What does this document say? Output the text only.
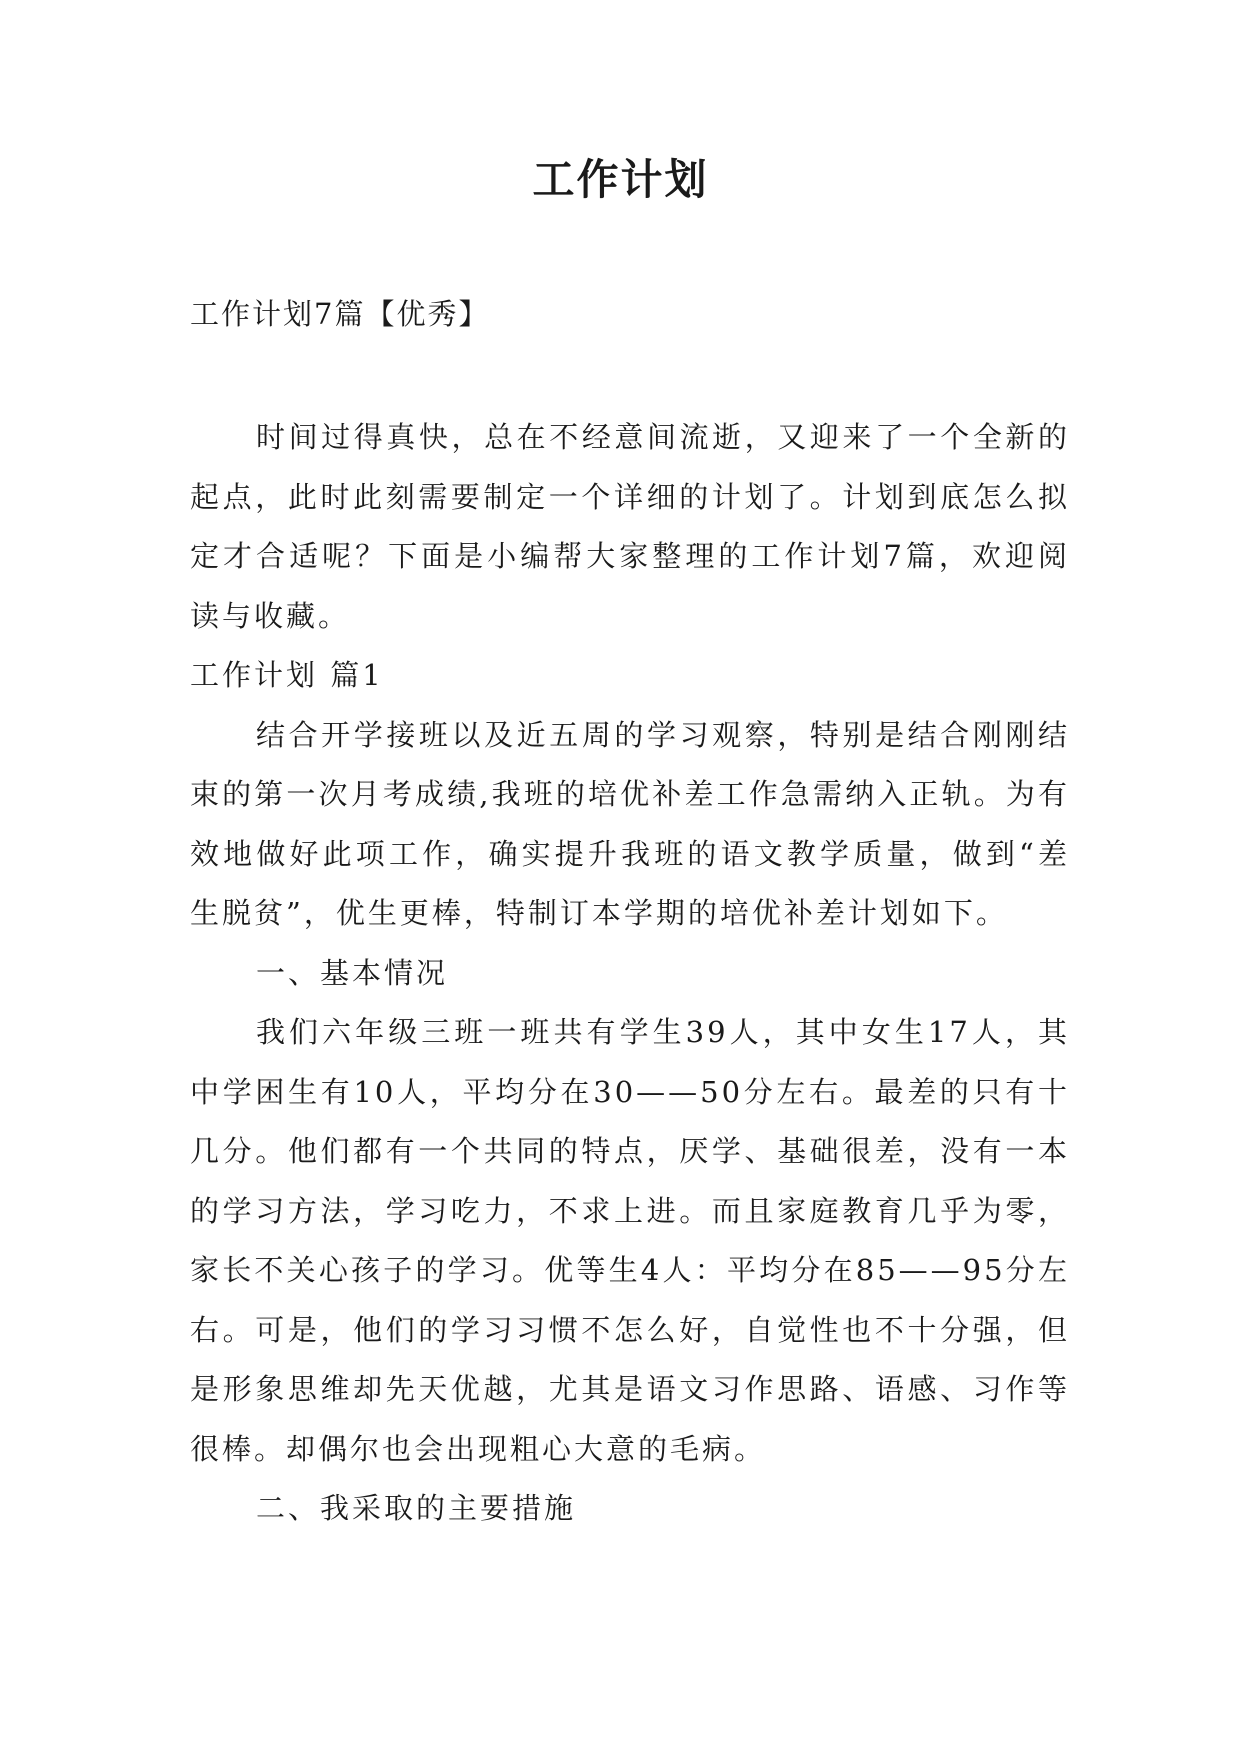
工作计划

工作计划7篇【优秀】

时间过得真快，总在不经意间流逝，又迎来了一个全新的起点，此时此刻需要制定一个详细的计划了。计划到底怎么拟定才合适呢？下面是小编帮大家整理的工作计划7篇，欢迎阅读与收藏。

工作计划 篇1

结合开学接班以及近五周的学习观察，特别是结合刚刚结束的第一次月考成绩,我班的培优补差工作急需纳入正轨。为有效地做好此项工作，确实提升我班的语文教学质量，做到“差生脱贫”，优生更棒，特制订本学期的培优补差计划如下。

一、基本情况

我们六年级三班一班共有学生39人，其中女生17人，其中学困生有10人，平均分在30——50分左右。最差的只有十几分。他们都有一个共同的特点，厌学、基础很差，没有一本的学习方法，学习吃力，不求上进。而且家庭教育几乎为零，家长不关心孩子的学习。优等生4人：平均分在85——95分左右。可是，他们的学习习惯不怎么好，自觉性也不十分强，但是形象思维却先天优越，尤其是语文习作思路、语感、习作等很棒。却偶尔也会出现粗心大意的毛病。

二、我采取的主要措施
